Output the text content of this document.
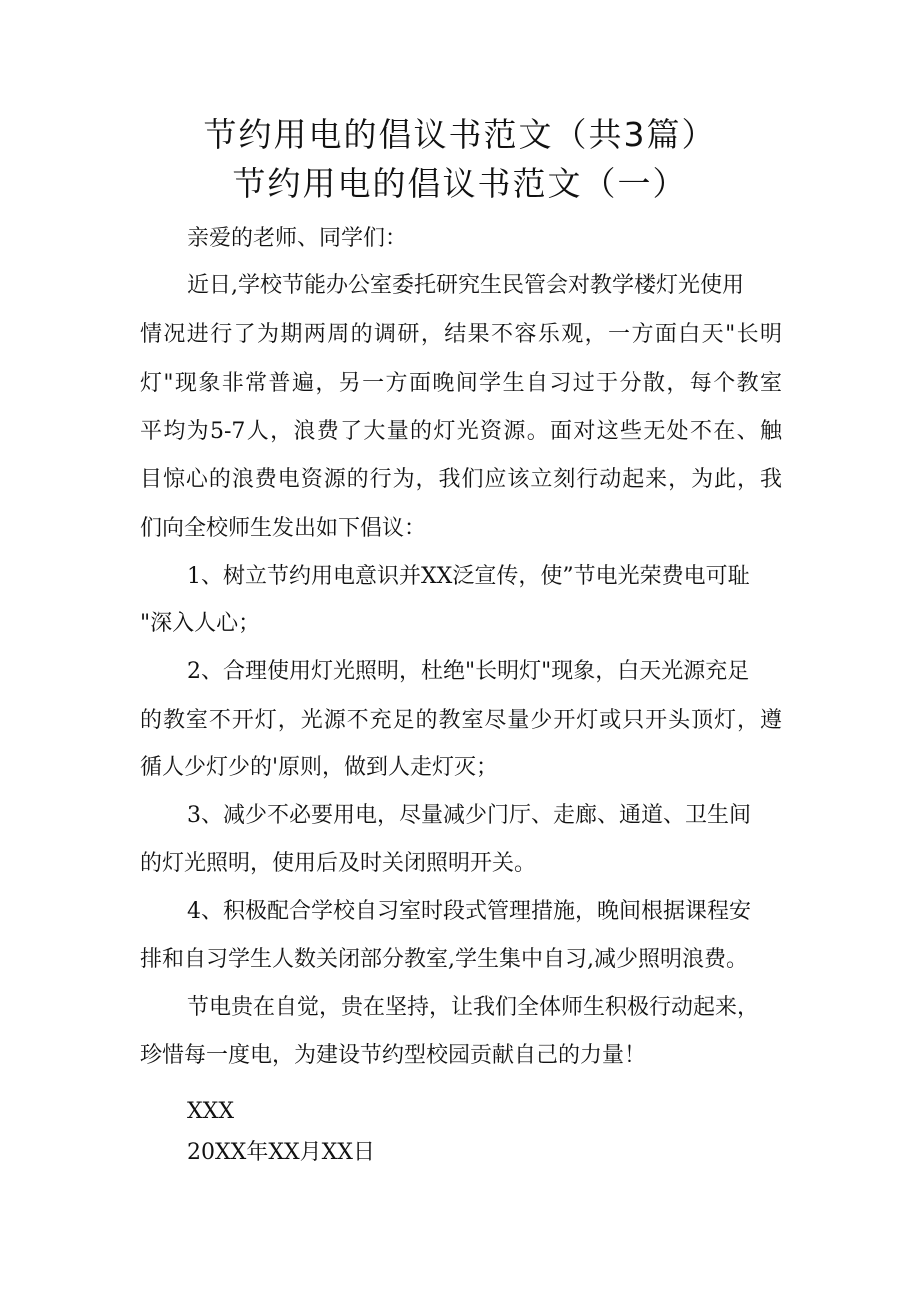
节约用电的倡议书范文（共3篇）
节约用电的倡议书范文（一）

亲爱的老师、同学们：

近日,学校节能办公室委托研究生民管会对教学楼灯光使用

情况进行了为期两周的调研，结果不容乐观，一方面白天"长明

灯"现象非常普遍，另一方面晚间学生自习过于分散，每个教室

平均为5-7人，浪费了大量的灯光资源。面对这些无处不在、触

目惊心的浪费电资源的行为，我们应该立刻行动起来，为此，我

们向全校师生发出如下倡议：

1、树立节约用电意识并XX泛宣传，使”节电光荣费电可耻

"深入人心；

2、合理使用灯光照明，杜绝"长明灯"现象，白天光源充足

的教室不开灯，光源不充足的教室尽量少开灯或只开头顶灯，遵

循人少灯少的'原则，做到人走灯灭；

3、减少不必要用电，尽量减少门厅、走廊、通道、卫生间

的灯光照明，使用后及时关闭照明开关。

4、积极配合学校自习室时段式管理措施，晚间根据课程安

排和自习学生人数关闭部分教室,学生集中自习,减少照明浪费。

节电贵在自觉，贵在坚持，让我们全体师生积极行动起来，

珍惜每一度电，为建设节约型校园贡献自己的力量！

XXX

20XX年XX月XX日
